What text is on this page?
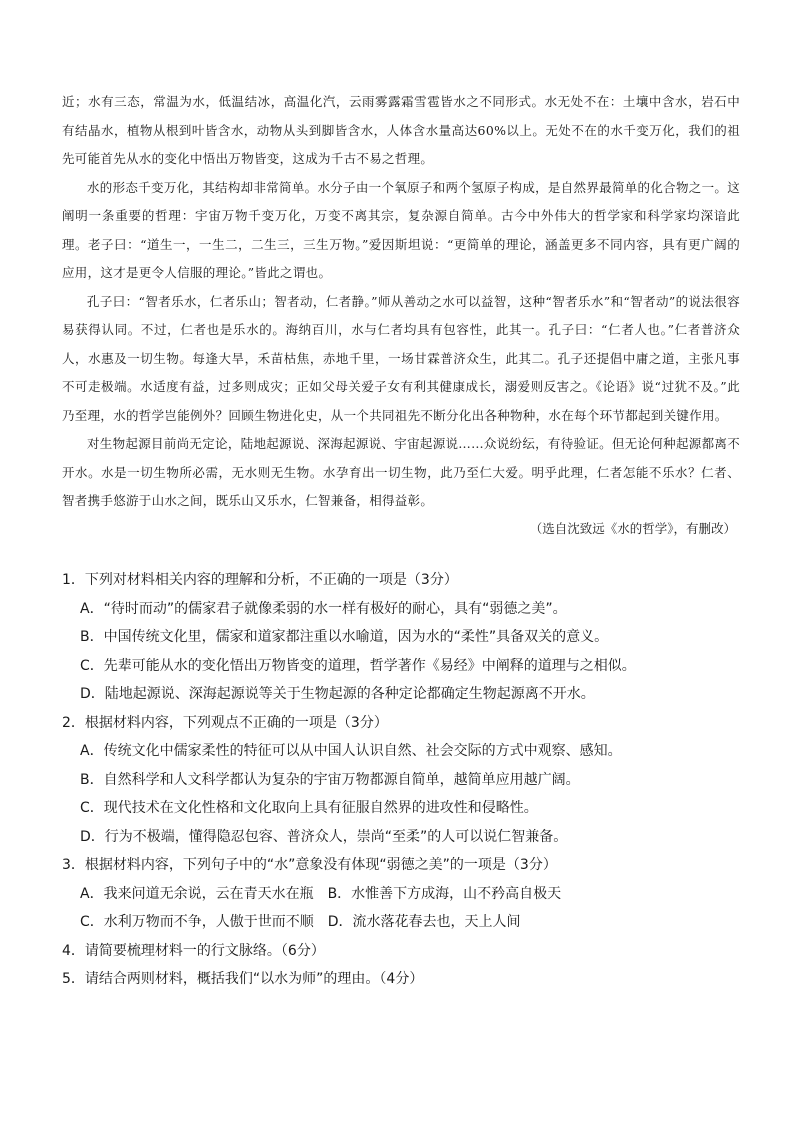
近；水有三态，常温为水，低温结冰，高温化汽，云雨雾露霜雪雹皆水之不同形式。水无处不在：土壤中含水，岩石中有结晶水，植物从根到叶皆含水，动物从头到脚皆含水，人体含水量高达60%以上。无处不在的水千变万化，我们的祖先可能首先从水的变化中悟出万物皆变，这成为千古不易之哲理。

水的形态千变万化，其结构却非常简单。水分子由一个氧原子和两个氢原子构成，是自然界最简单的化合物之一。这阐明一条重要的哲理：宇宙万物千变万化，万变不离其宗，复杂源自简单。古今中外伟大的哲学家和科学家均深谙此理。老子曰：“道生一，一生二，二生三，三生万物。”爱因斯坦说：“更简单的理论，涵盖更多不同内容，具有更广阔的应用，这才是更令人信服的理论。”皆此之谓也。

孔子曰：“智者乐水，仁者乐山；智者动，仁者静。”师从善动之水可以益智，这种“智者乐水”和“智者动”的说法很容易获得认同。不过，仁者也是乐水的。海纳百川，水与仁者均具有包容性，此其一。孔子曰：“仁者人也。”仁者普济众人，水惠及一切生物。每逢大旱，禾苗枯焦，赤地千里，一场甘霖普济众生，此其二。孔子还提倡中庸之道，主张凡事不可走极端。水适度有益，过多则成灾；正如父母关爱子女有利其健康成长，溺爱则反害之。《论语》说“过犹不及。”此乃至理，水的哲学岂能例外？回顾生物进化史，从一个共同祖先不断分化出各种物种，水在每个环节都起到关键作用。

对生物起源目前尚无定论，陆地起源说、深海起源说、宇宙起源说……众说纷纭，有待验证。但无论何种起源都离不开水。水是一切生物所必需，无水则无生物。水孕育出一切生物，此乃至仁大爱。明乎此理，仁者怎能不乐水？仁者、智者携手悠游于山水之间，既乐山又乐水，仁智兼备，相得益彰。

（选自沈致远《水的哲学》，有删改）

1．下列对材料相关内容的理解和分析，不正确的一项是（3分）

A．“待时而动”的儒家君子就像柔弱的水一样有极好的耐心，具有“弱德之美”。

B．中国传统文化里，儒家和道家都注重以水喻道，因为水的“柔性”具备双关的意义。

C．先辈可能从水的变化悟出万物皆变的道理，哲学著作《易经》中阐释的道理与之相似。

D．陆地起源说、深海起源说等关于生物起源的各种定论都确定生物起源离不开水。

2．根据材料内容，下列观点不正确的一项是（3分）

A．传统文化中儒家柔性的特征可以从中国人认识自然、社会交际的方式中观察、感知。

B．自然科学和人文科学都认为复杂的宇宙万物都源自简单，越简单应用越广阔。

C．现代技术在文化性格和文化取向上具有征服自然界的进攻性和侵略性。

D．行为不极端，懂得隐忍包容、普济众人，崇尚“至柔”的人可以说仁智兼备。

3．根据材料内容，下列句子中的“水”意象没有体现“弱德之美”的一项是（3分）

A．我来问道无余说，云在青天水在瓶 B．水惟善下方成海，山不矜高自极天
C．水利万物而不争，人傲于世而不顺 D．流水落花春去也，天上人间

4．请简要梳理材料一的行文脉络。（6分）

5．请结合两则材料，概括我们“以水为师”的理由。（4分）
